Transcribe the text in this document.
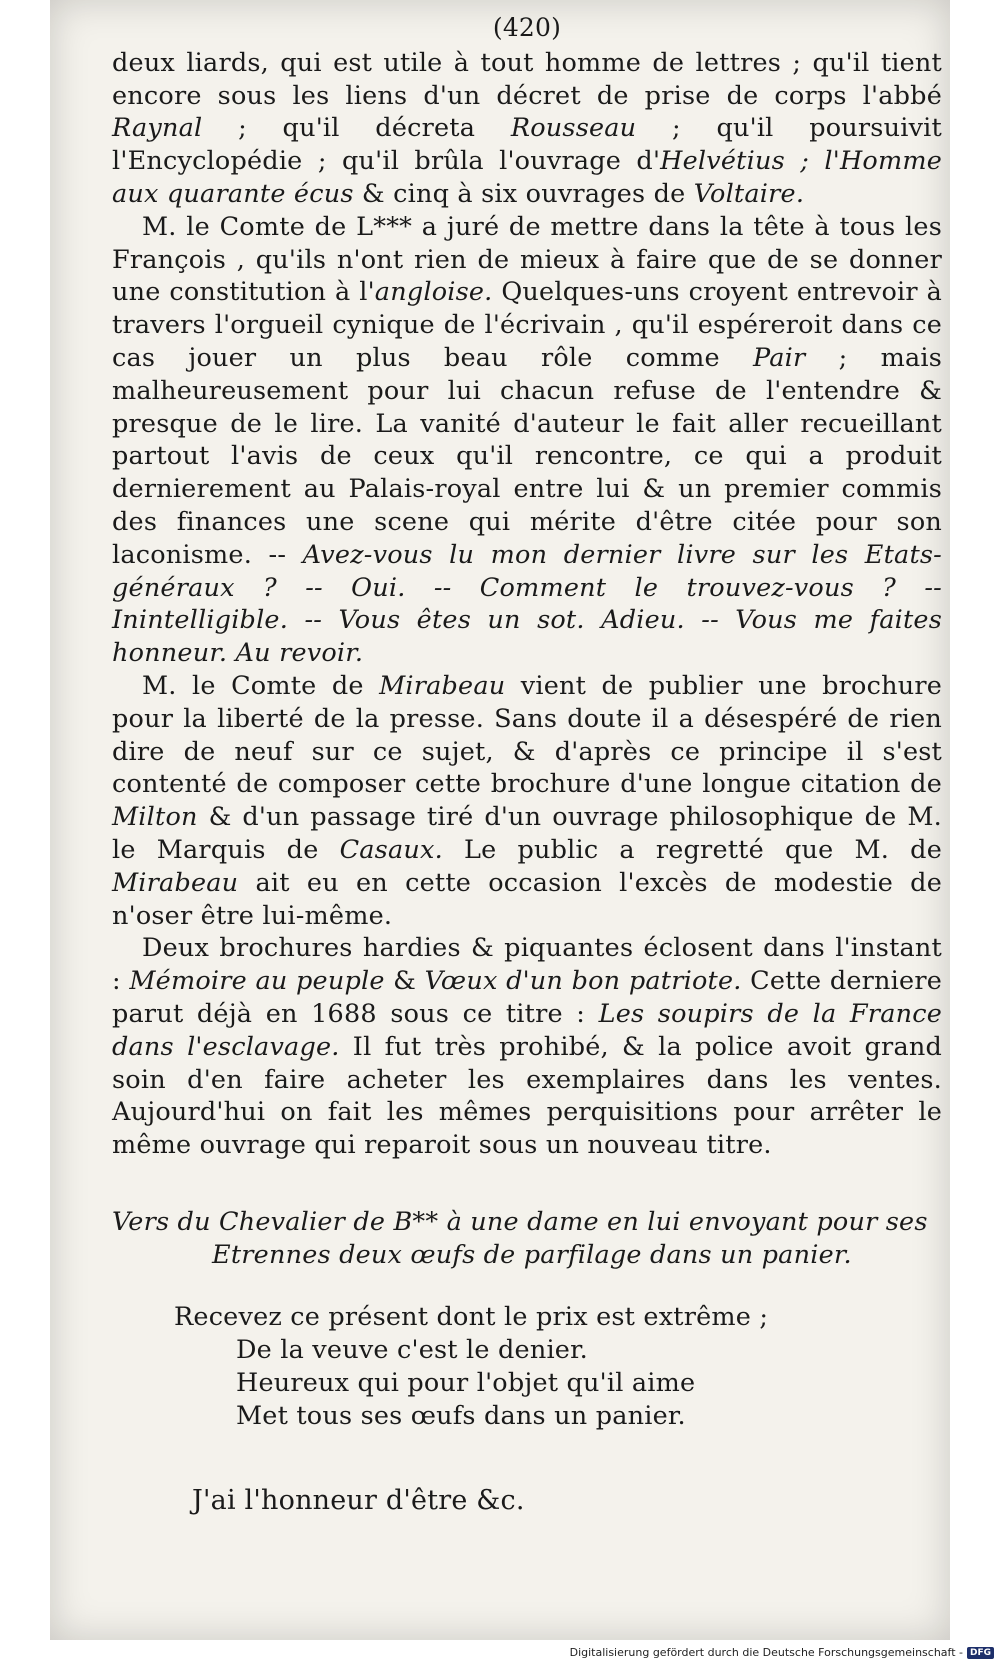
(420)

deux liards, qui est utile à tout homme de lettres ; qu'il tient encore sous les liens d'un décret de prise de corps l'abbé Raynal ; qu'il décreta Rousseau ; qu'il poursuivit l'Encyclopédie ; qu'il brûla l'ouvrage d'Helvétius ; l'Homme aux quarante écus & cinq à six ouvrages de Voltaire.

M. le Comte de L*** a juré de mettre dans la tête à tous les François , qu'ils n'ont rien de mieux à faire que de se donner une constitution à l'angloise. Quelques-uns croyent entrevoir à travers l'orgueil cynique de l'écrivain , qu'il espéreroit dans ce cas jouer un plus beau rôle comme Pair ; mais malheureusement pour lui chacun refuse de l'entendre & presque de le lire. La vanité d'auteur le fait aller recueillant partout l'avis de ceux qu'il rencontre, ce qui a produit dernierement au Palais-royal entre lui & un premier commis des finances une scene qui mérite d'être citée pour son laconisme. -- Avez-vous lu mon dernier livre sur les Etats-généraux ? -- Oui. -- Comment le trouvez-vous ? -- Inintelligible. -- Vous êtes un sot. Adieu. -- Vous me faites honneur. Au revoir.

M. le Comte de Mirabeau vient de publier une brochure pour la liberté de la presse. Sans doute il a désespéré de rien dire de neuf sur ce sujet, & d'après ce principe il s'est contenté de composer cette brochure d'une longue citation de Milton & d'un passage tiré d'un ouvrage philosophique de M. le Marquis de Casaux. Le public a regretté que M. de Mirabeau ait eu en cette occasion l'excès de modestie de n'oser être lui-même.

Deux brochures hardies & piquantes éclosent dans l'instant : Mémoire au peuple & Vœux d'un bon patriote. Cette derniere parut déjà en 1688 sous ce titre : Les soupirs de la France dans l'esclavage. Il fut très prohibé, & la police avoit grand soin d'en faire acheter les exemplaires dans les ventes. Aujourd'hui on fait les mêmes perquisitions pour arrêter le même ouvrage qui reparoit sous un nouveau titre.

Vers du Chevalier de B** à une dame en lui envoyant pour ses
Etrennes deux œufs de parfilage dans un panier.
Recevez ce présent dont le prix est extrême ;
De la veuve c'est le denier.
Heureux qui pour l'objet qu'il aime
Met tous ses œufs dans un panier.
J'ai l'honneur d'être &c.
Digitalisierung gefördert durch die Deutsche Forschungsgemeinschaft - DFG
